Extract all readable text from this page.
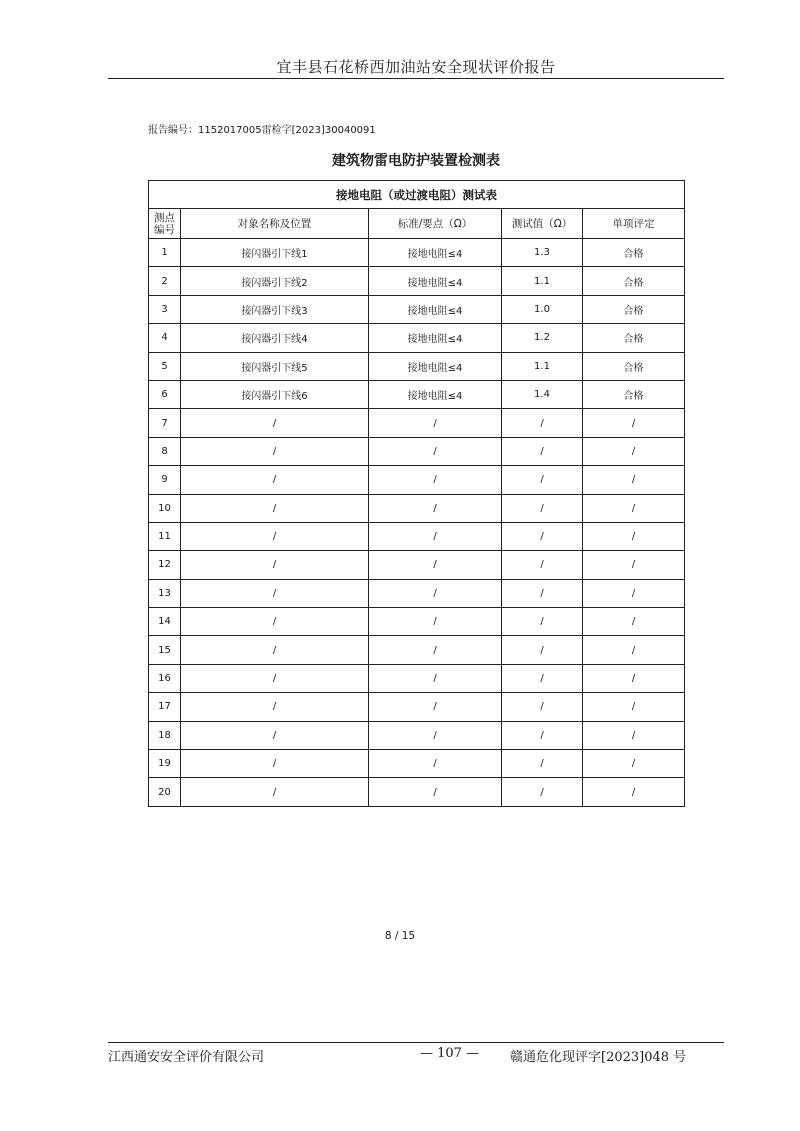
宜丰县石花桥西加油站安全现状评价报告
报告编号：1152017005雷检字[2023]30040091
建筑物雷电防护装置检测表
接地电阻（或过渡电阻）测试表				
测点
编号	对象名称及位置	标准/要点（Ω）	测试值（Ω）	单项评定
1	接闪器引下线1	接地电阻≤4	1.3	合格
2	接闪器引下线2	接地电阻≤4	1.1	合格
3	接闪器引下线3	接地电阻≤4	1.0	合格
4	接闪器引下线4	接地电阻≤4	1.2	合格
5	接闪器引下线5	接地电阻≤4	1.1	合格
6	接闪器引下线6	接地电阻≤4	1.4	合格
7	/	/	/	/
8	/	/	/	/
9	/	/	/	/
10	/	/	/	/
11	/	/	/	/
12	/	/	/	/
13	/	/	/	/
14	/	/	/	/
15	/	/	/	/
16	/	/	/	/
17	/	/	/	/
18	/	/	/	/
19	/	/	/	/
20	/	/	/	/
8 / 15
江西通安安全评价有限公司	— 107 — 赣通危化现评字[2023]048 号
